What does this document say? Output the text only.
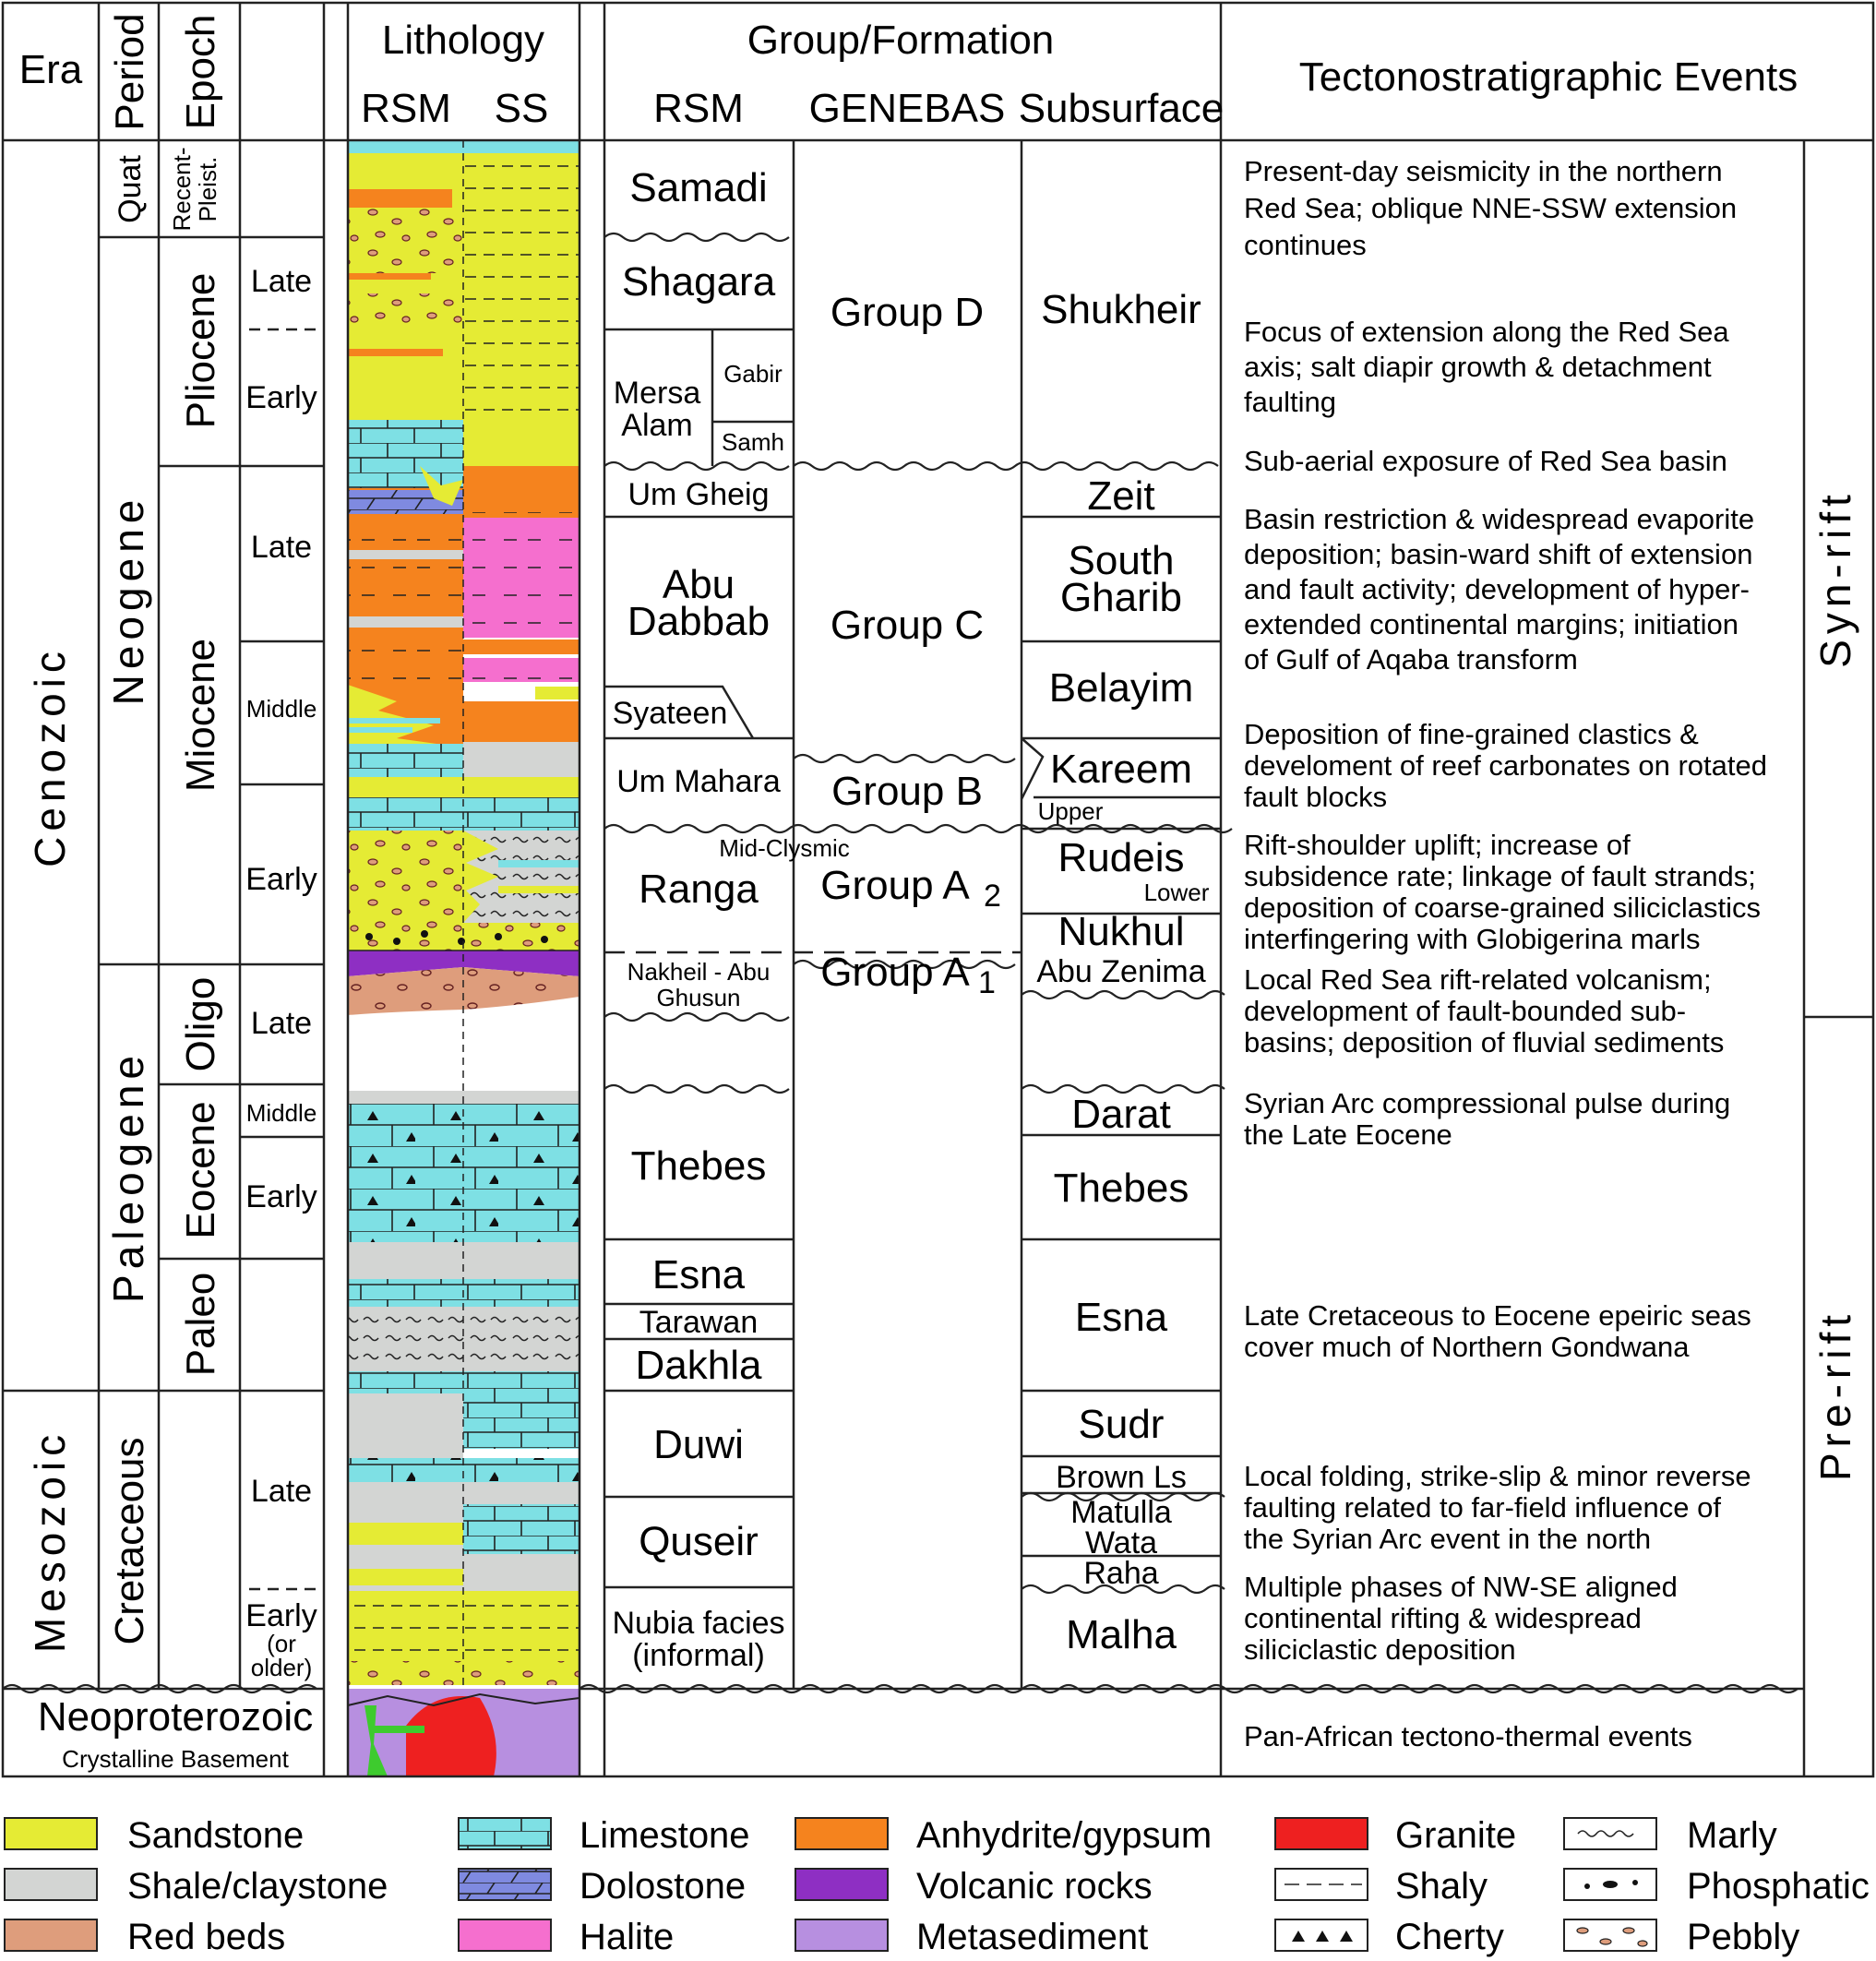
Era Period Epoch	Lithology
RSM SS
Group/Formation
RSM GENEBAS Subsurface
Tectonostratigraphic Events
Cenozoic
Mesozoic
Neoproterozoic
Crystalline Basement
Quat
Neogene
Paleogene
Cretaceous
Recent-
Pleist.
Pliocene
Miocene
Oligo
Eocene
Paleo
Late
Early
Late
Middle
Early
Late
Middle
Early
Late
Early
(or
older)
Samadi
Shagara
Mersa
Alam
Gabir
Samh
Um Gheig
Abu
Dabbab
Syateen
Um Mahara
Mid-Clysmic
Ranga
Nakheil - Abu
Ghusun
Thebes
Esna
Tarawan
Dakhla
Duwi
Quseir
Nubia facies
(informal)
Group D
Group C
Group B
Group A 2
Group A 1
Shukheir
Zeit
South
Gharib
Belayim
Kareem
Upper
Rudeis
Lower
Nukhul
Abu Zenima
Darat
Thebes
Esna
Sudr
Brown Ls
Matulla
Wata
Raha
Malha
Present-day seismicity in the northern Red Sea; oblique NNE-SSW extension continues
Focus of extension along the Red Sea axis; salt diapir growth & detachment faulting
Sub-aerial exposure of Red Sea basin
Basin restriction & widespread evaporite deposition; basin-ward shift of extension and fault activity; development of hyper-extended continental margins; initiation of Gulf of Aqaba transform
Deposition of fine-grained clastics & develoment of reef carbonates on rotated fault blocks
Rift-shoulder uplift; increase of subsidence rate; linkage of fault strands; deposition of coarse-grained siliciclastics interfingering with Globigerina marls
Local Red Sea rift-related volcanism; development of fault-bounded sub-basins; deposition of fluvial sediments
Syrian Arc compressional pulse during the Late Eocene
Late Cretaceous to Eocene epeiric seas cover much of Northern Gondwana
Local folding, strike-slip & minor reverse faulting related to far-field influence of the Syrian Arc event in the north
Multiple phases of NW-SE aligned continental rifting & widespread siliciclastic deposition
Pan-African tectono-thermal events
Syn-rift
Pre-rift
Sandstone
Shale/claystone
Red beds
Limestone
Dolostone
Halite
Anhydrite/gypsum
Volcanic rocks
Metasediment
Granite
Shaly
Cherty
Marly
Phosphatic
Pebbly
